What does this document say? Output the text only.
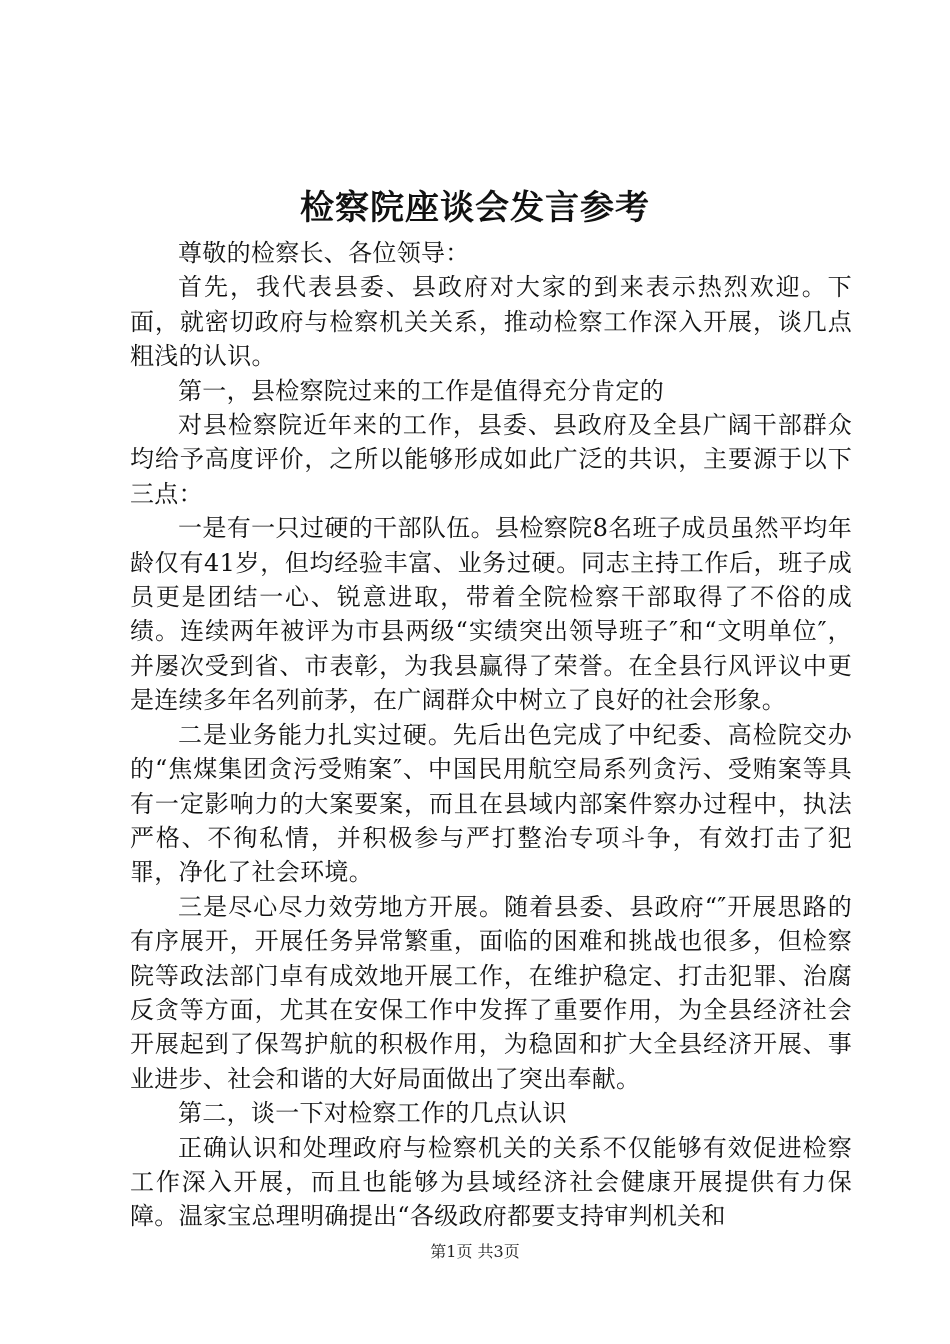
检察院座谈会发言参考

尊敬的检察长、各位领导：

首先，我代表县委、县政府对大家的到来表示热烈欢迎。下面，就密切政府与检察机关关系，推动检察工作深入开展，谈几点粗浅的认识。

第一，县检察院过来的工作是值得充分肯定的

对县检察院近年来的工作，县委、县政府及全县广阔干部群众均给予高度评价，之所以能够形成如此广泛的共识，主要源于以下三点：

一是有一只过硬的干部队伍。县检察院8名班子成员虽然平均年龄仅有41岁，但均经验丰富、业务过硬。同志主持工作后，班子成员更是团结一心、锐意进取，带着全院检察干部取得了不俗的成绩。连续两年被评为市县两级“实绩突出领导班子″和“文明单位″，并屡次受到省、市表彰，为我县赢得了荣誉。在全县行风评议中更是连续多年名列前茅，在广阔群众中树立了良好的社会形象。

二是业务能力扎实过硬。先后出色完成了中纪委、高检院交办的“焦煤集团贪污受贿案″、中国民用航空局系列贪污、受贿案等具有一定影响力的大案要案，而且在县域内部案件察办过程中，执法严格、不徇私情，并积极参与严打整治专项斗争，有效打击了犯罪，净化了社会环境。

三是尽心尽力效劳地方开展。随着县委、县政府“″开展思路的有序展开，开展任务异常繁重，面临的困难和挑战也很多，但检察院等政法部门卓有成效地开展工作，在维护稳定、打击犯罪、治腐反贪等方面，尤其在安保工作中发挥了重要作用，为全县经济社会开展起到了保驾护航的积极作用，为稳固和扩大全县经济开展、事业进步、社会和谐的大好局面做出了突出奉献。

第二，谈一下对检察工作的几点认识

正确认识和处理政府与检察机关的关系不仅能够有效促进检察工作深入开展，而且也能够为县域经济社会健康开展提供有力保障。温家宝总理明确提出“各级政府都要支持审判机关和

第1页 共3页
